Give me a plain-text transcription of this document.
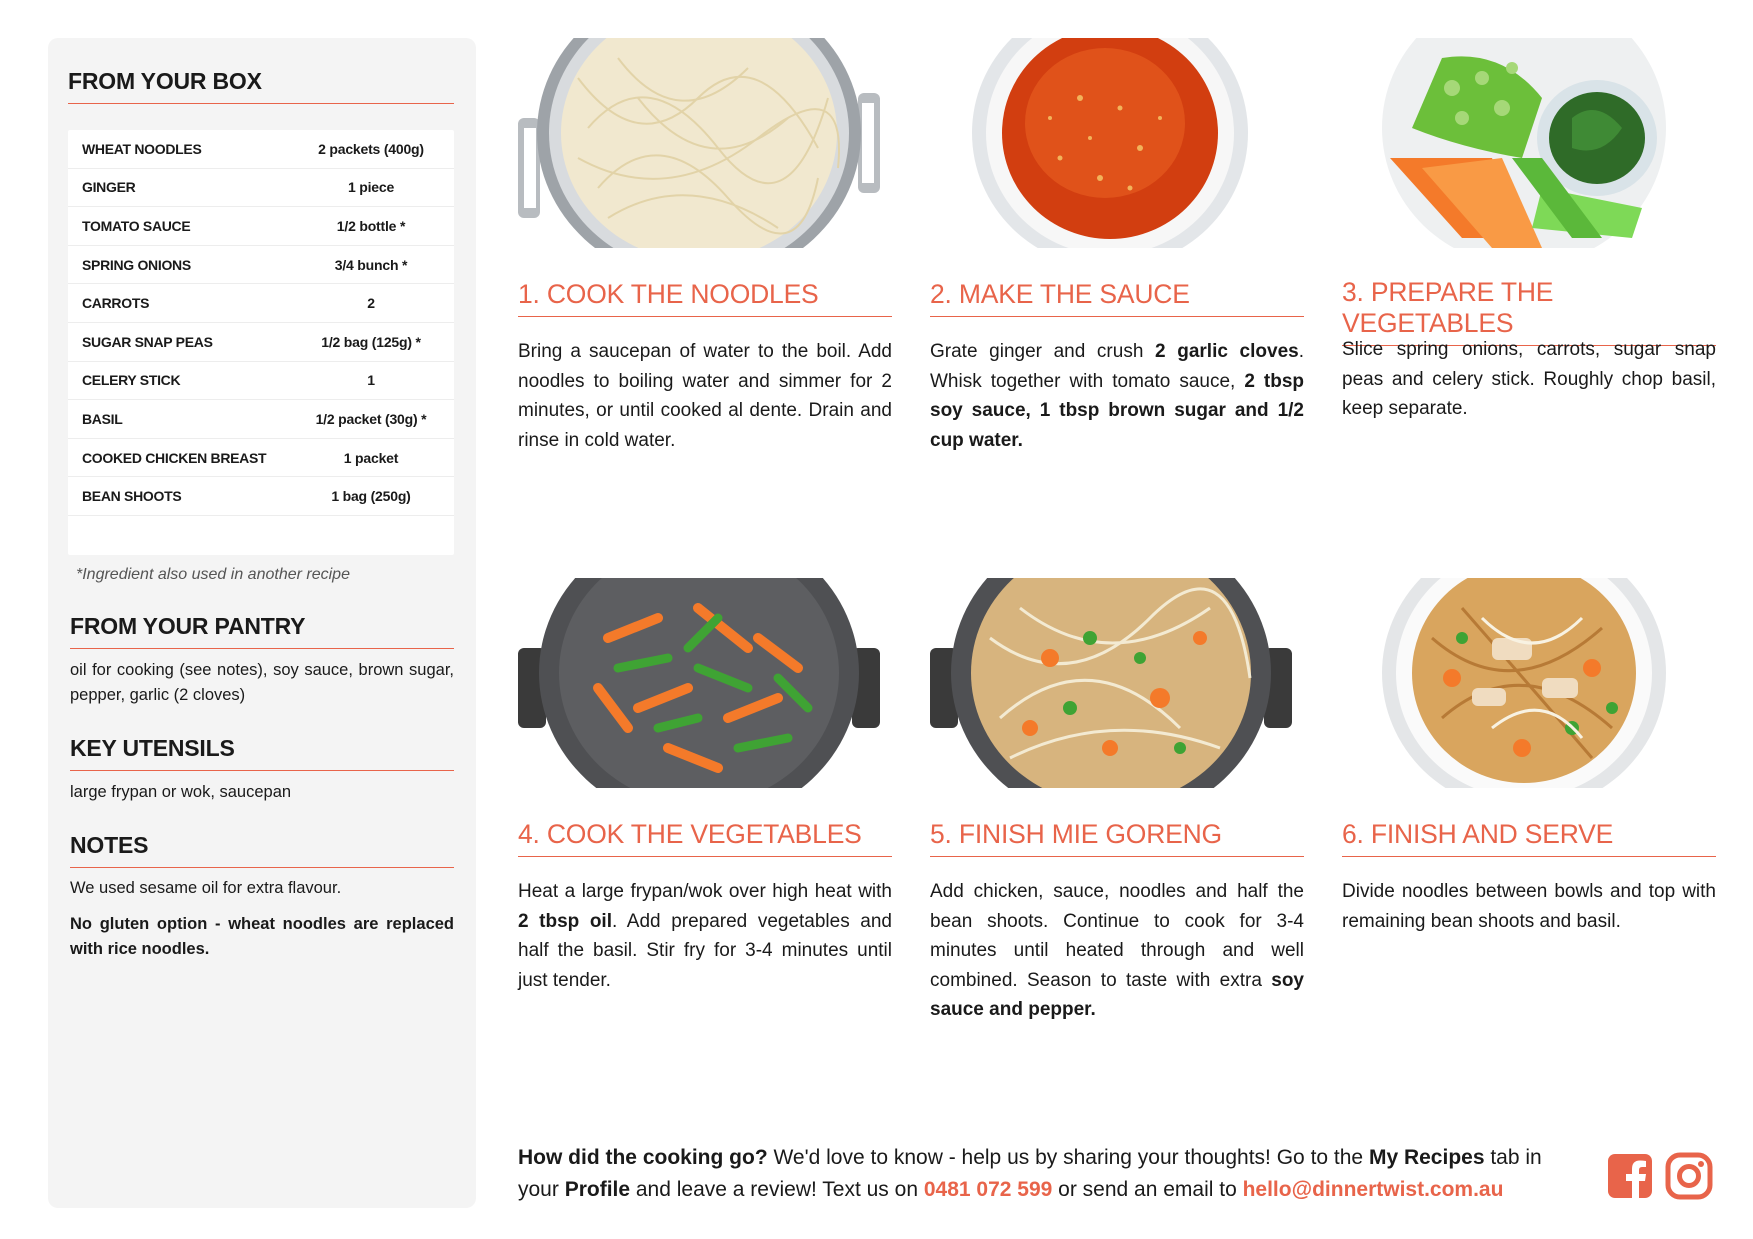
FROM YOUR BOX
WHEAT NOODLES	2 packets (400g)
GINGER	1 piece
TOMATO SAUCE	1/2 bottle *
SPRING ONIONS	3/4 bunch *
CARROTS	2
SUGAR SNAP PEAS	1/2 bag (125g) *
CELERY STICK	1
BASIL	1/2 packet (30g) *
COOKED CHICKEN BREAST	1 packet
BEAN SHOOTS	1 bag (250g)
*Ingredient also used in another recipe
FROM YOUR PANTRY
oil for cooking (see notes), soy sauce, brown sugar, pepper, garlic (2 cloves)
KEY UTENSILS
large frypan or wok, saucepan
NOTES
We used sesame oil for extra flavour.
No gluten option - wheat noodles are replaced with rice noodles.
1. COOK THE NOODLES
Bring a saucepan of water to the boil. Add noodles to boiling water and simmer for 2 minutes, or until cooked al dente. Drain and rinse in cold water.
2. MAKE THE SAUCE
Grate ginger and crush 2 garlic cloves. Whisk together with tomato sauce, 2 tbsp soy sauce, 1 tbsp brown sugar and 1/2 cup water.
3. PREPARE THE VEGETABLES
Slice spring onions, carrots, sugar snap peas and celery stick. Roughly chop basil, keep separate.
4. COOK THE VEGETABLES
Heat a large frypan/wok over high heat with 2 tbsp oil. Add prepared vegetables and half the basil. Stir fry for 3-4 minutes until just tender.
5. FINISH MIE GORENG
Add chicken, sauce, noodles and half the bean shoots. Continue to cook for 3-4 minutes until heated through and well combined. Season to taste with extra soy sauce and pepper.
6. FINISH AND SERVE
Divide noodles between bowls and top with remaining bean shoots and basil.
How did the cooking go? We'd love to know - help us by sharing your thoughts! Go to the My Recipes tab in your Profile and leave a review! Text us on 0481 072 599 or send an email to hello@dinnertwist.com.au
